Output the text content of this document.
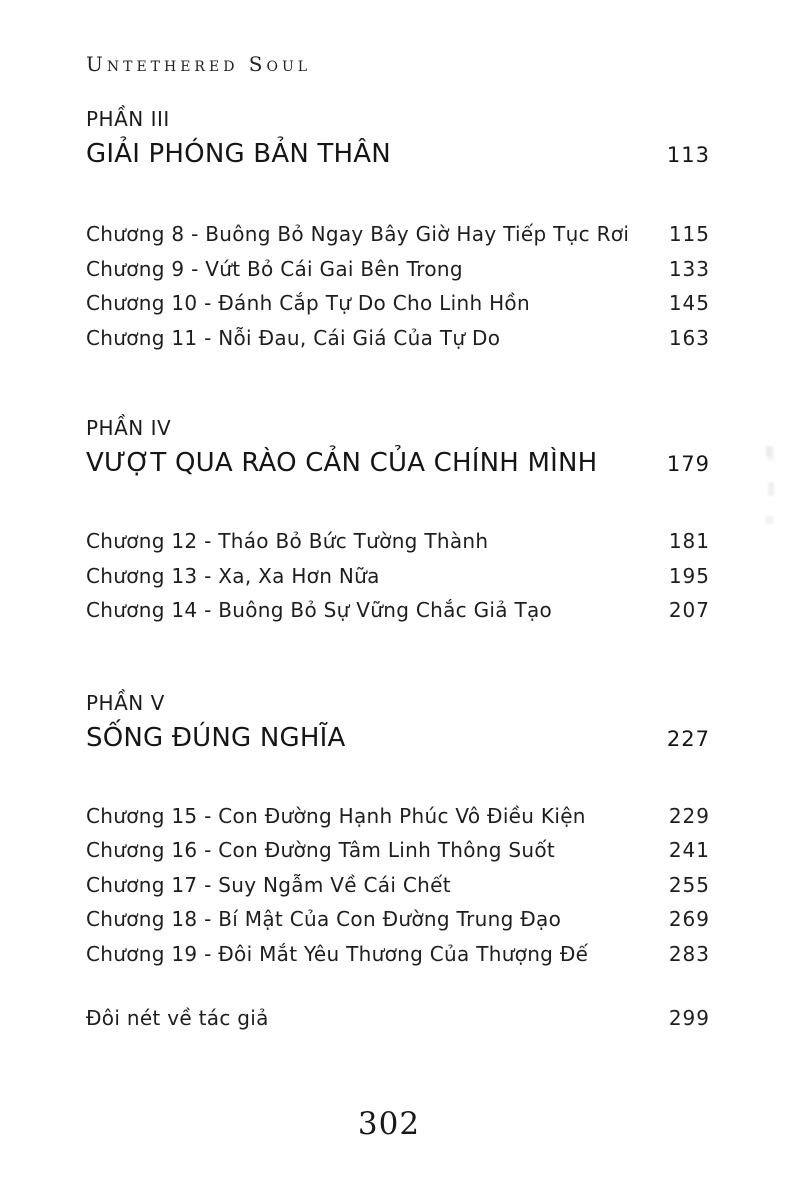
Untethered Soul
PHẦN III
GIẢI PHÓNG BẢN THÂN	113
Chương 8 - Buông Bỏ Ngay Bây Giờ Hay Tiếp Tục Rơi 115
Chương 9 - Vứt Bỏ Cái Gai Bên Trong	133
Chương 10 - Đánh Cắp Tự Do Cho Linh Hồn	145
Chương 11 - Nỗi Đau, Cái Giá Của Tự Do	163
PHẦN IV
VƯỢT QUA RÀO CẢN CỦA CHÍNH MÌNH	179
Chương 12 - Tháo Bỏ Bức Tường Thành	181
Chương 13 - Xa, Xa Hơn Nữa	195
Chương 14 - Buông Bỏ Sự Vững Chắc Giả Tạo	207
PHẦN V
SỐNG ĐÚNG NGHĨA	227
Chương 15 - Con Đường Hạnh Phúc Vô Điều Kiện	229
Chương 16 - Con Đường Tâm Linh Thông Suốt	241
Chương 17 - Suy Ngẫm Về Cái Chết	255
Chương 18 - Bí Mật Của Con Đường Trung Đạo	269
Chương 19 - Đôi Mắt Yêu Thương Của Thượng Đế	283
Đôi nét về tác giả	299
302
